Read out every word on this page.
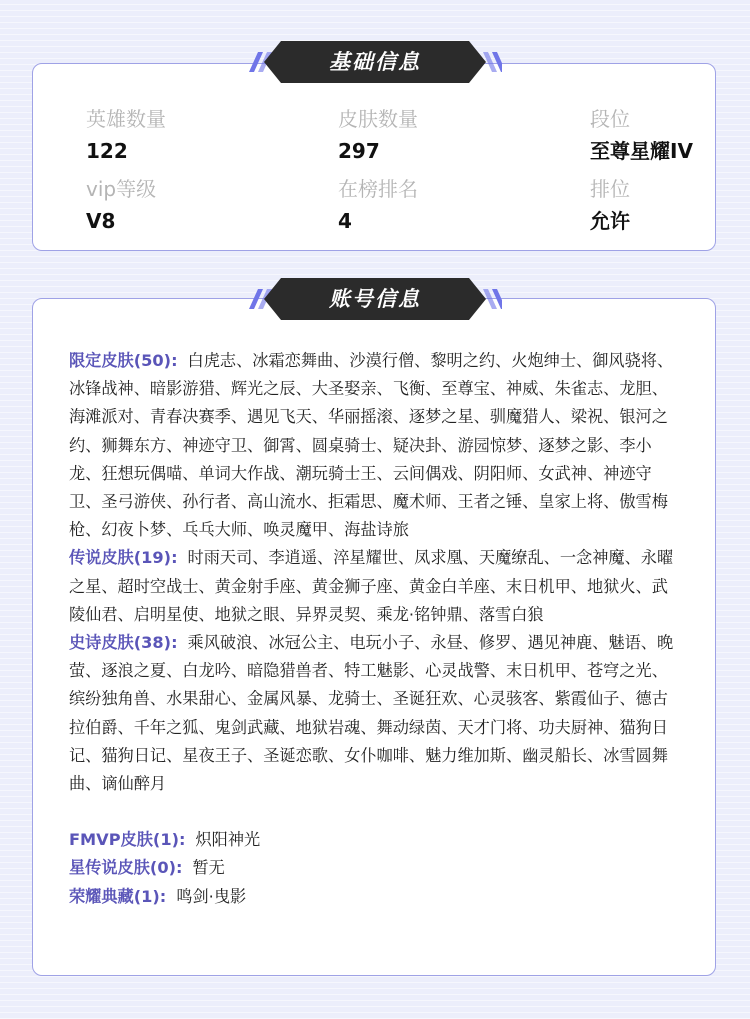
英雄数量
122
皮肤数量
297
段位
至尊星耀IV
vip等级
V8
在榜排名
4
排位
允许
基础信息
限定皮肤(50): 白虎志、冰霜恋舞曲、沙漠行僧、黎明之约、火炮绅士、御风骁将、冰锋战神、暗影游猎、辉光之辰、大圣娶亲、飞衡、至尊宝、神威、朱雀志、龙胆、海滩派对、青春决赛季、遇见飞天、华丽摇滚、逐梦之星、驯魔猎人、梁祝、银河之约、狮舞东方、神迹守卫、御霄、圆桌骑士、疑决卦、游园惊梦、逐梦之影、李小龙、狂想玩偶喵、单词大作战、潮玩骑士王、云间偶戏、阴阳师、女武神、神迹守卫、圣弓游侠、孙行者、高山流水、拒霜思、魔术师、王者之锤、皇家上将、傲雪梅枪、幻夜卜梦、乓乓大师、唤灵魔甲、海盐诗旅
传说皮肤(19): 时雨天司、李逍遥、淬星耀世、凤求凰、天魔缭乱、一念神魔、永曜之星、超时空战士、黄金射手座、黄金狮子座、黄金白羊座、末日机甲、地狱火、武陵仙君、启明星使、地狱之眼、异界灵契、乘龙·铭钟鼎、落雪白狼
史诗皮肤(38): 乘风破浪、冰冠公主、电玩小子、永昼、修罗、遇见神鹿、魅语、晚萤、逐浪之夏、白龙吟、暗隐猎兽者、特工魅影、心灵战警、末日机甲、苍穹之光、缤纷独角兽、水果甜心、金属风暴、龙骑士、圣诞狂欢、心灵骇客、紫霞仙子、德古拉伯爵、千年之狐、鬼剑武藏、地狱岩魂、舞动绿茵、天才门将、功夫厨神、猫狗日记、猫狗日记、星夜王子、圣诞恋歌、女仆咖啡、魅力维加斯、幽灵船长、冰雪圆舞曲、谪仙醉月
FMVP皮肤(1): 炽阳神光
星传说皮肤(0): 暂无
荣耀典藏(1): 鸣剑·曳影
账号信息
